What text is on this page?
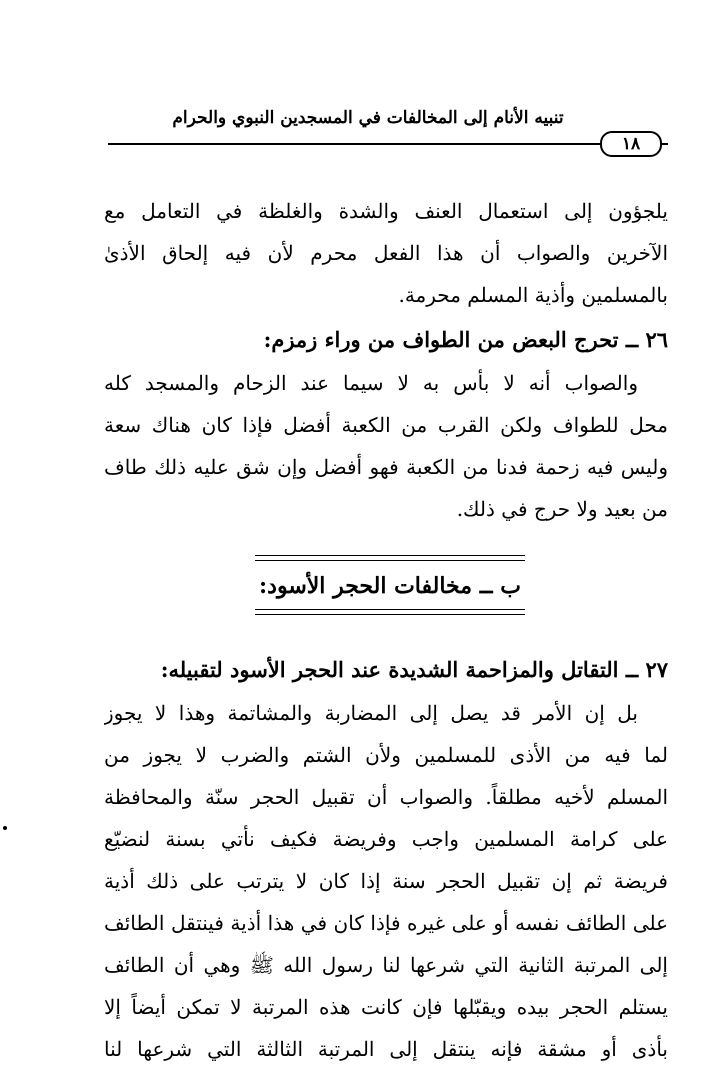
تنبيه الأنام إلى المخالفات في المسجدين النبوي والحرام
١٨
يلجؤون إلى استعمال العنف والشدة والغلظة في التعامل مع
الآخرين والصواب أن هذا الفعل محرم لأن فيه إلحاق الأذىٰ
بالمسلمين وأذية المسلم محرمة.
٢٦ ــ تحرج البعض من الطواف من وراء زمزم:
والصواب أنه لا بأس به لا سيما عند الزحام والمسجد كله
محل للطواف ولكن القرب من الكعبة أفضل فإذا كان هناك سعة
وليس فيه زحمة فدنا من الكعبة فهو أفضل وإن شق عليه ذلك طاف
من بعيد ولا حرج في ذلك.
ب ــ مخالفات الحجر الأسود:
٢٧ ــ التقاتل والمزاحمة الشديدة عند الحجر الأسود لتقبيله:
بل إن الأمر قد يصل إلى المضاربة والمشاتمة وهذا لا يجوز
لما فيه من الأذى للمسلمين ولأن الشتم والضرب لا يجوز من
المسلم لأخيه مطلقاً. والصواب أن تقبيل الحجر سنّة والمحافظة
على كرامة المسلمين واجب وفريضة فكيف نأتي بسنة لنضيّع
فريضة ثم إن تقبيل الحجر سنة إذا كان لا يترتب على ذلك أذية
على الطائف نفسه أو على غيره فإذا كان في هذا أذية فينتقل الطائف
إلى المرتبة الثانية التي شرعها لنا رسول الله ﷺ وهي أن الطائف
يستلم الحجر بيده ويقبّلها فإن كانت هذه المرتبة لا تمكن أيضاً إلا
بأذى أو مشقة فإنه ينتقل إلى المرتبة الثالثة التي شرعها لنا
